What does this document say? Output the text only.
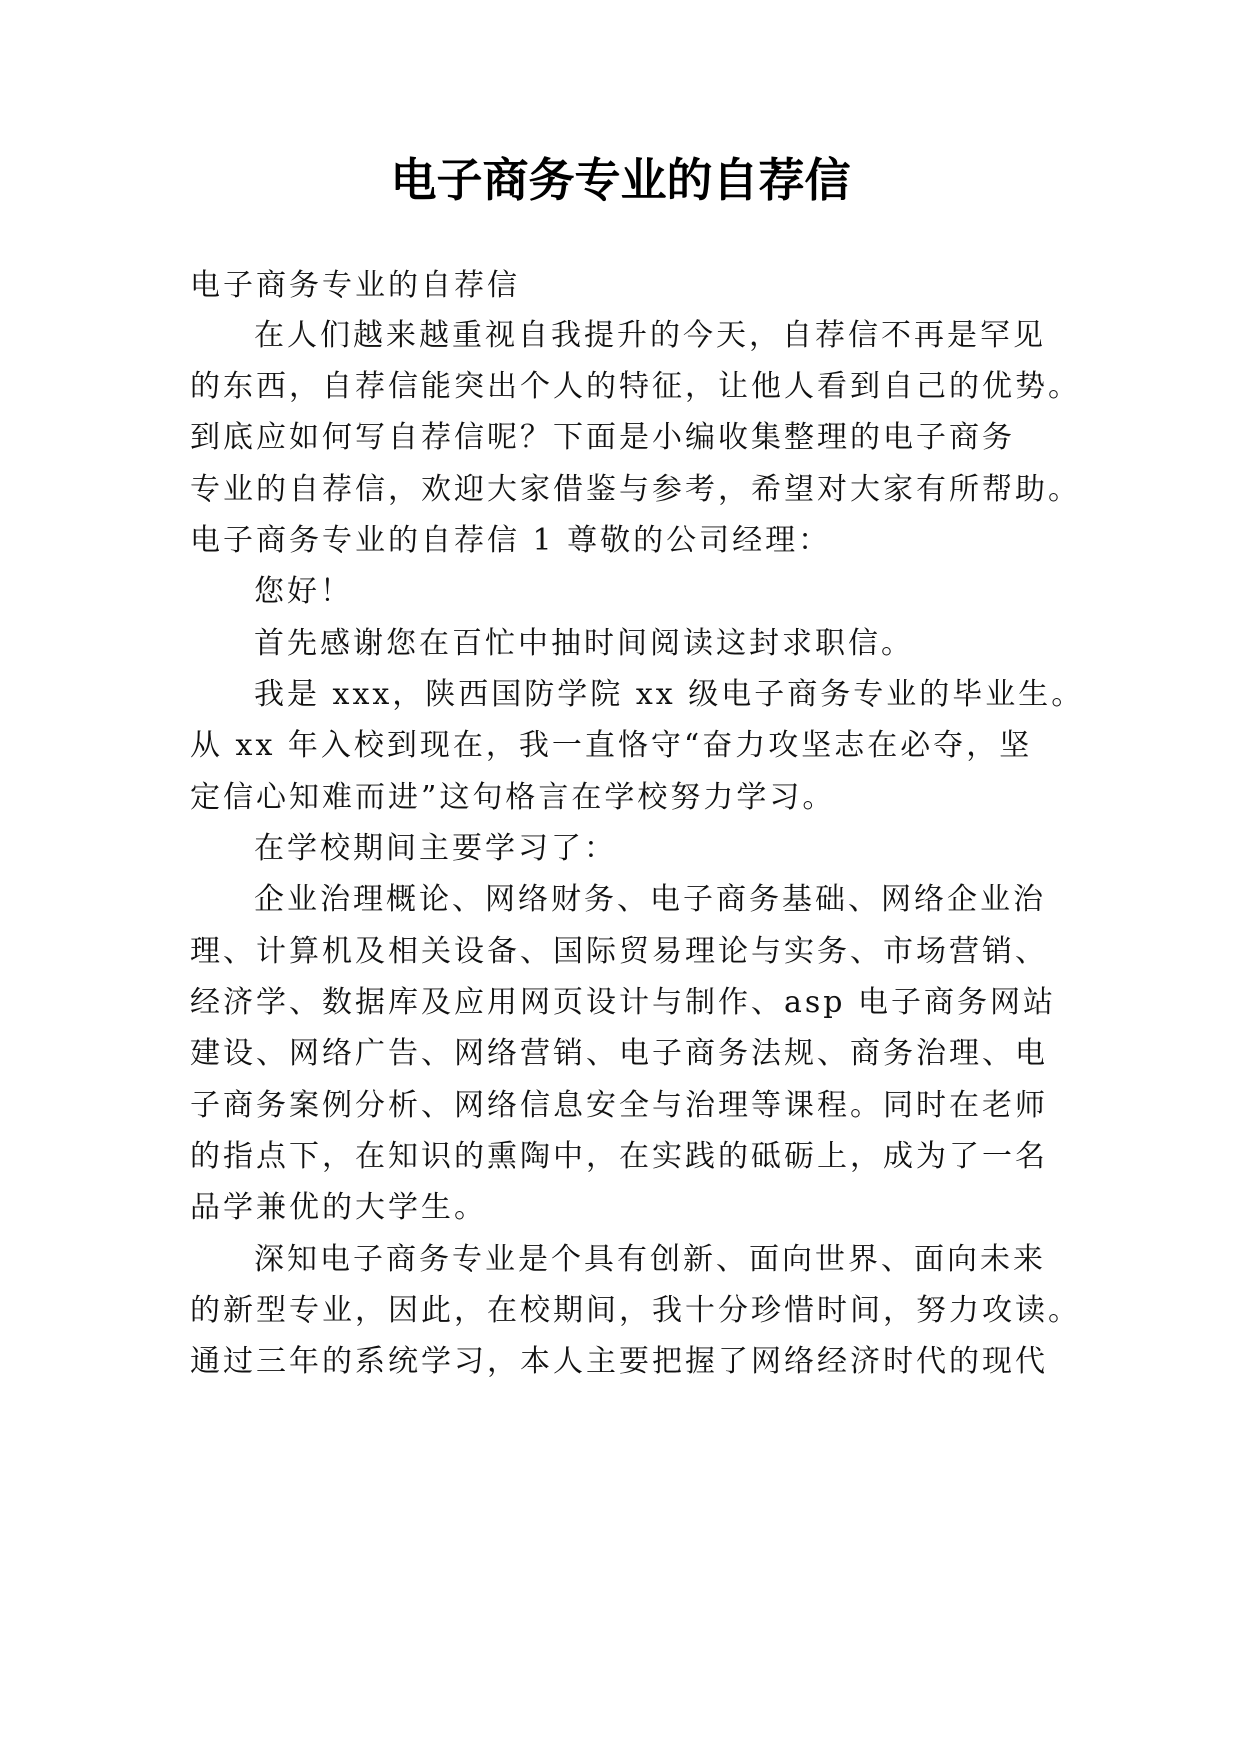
电子商务专业的自荐信
电子商务专业的自荐信
在人们越来越重视自我提升的今天，自荐信不再是罕见
的东西，自荐信能突出个人的特征，让他人看到自己的优势。
到底应如何写自荐信呢？下面是小编收集整理的电子商务
专业的自荐信，欢迎大家借鉴与参考，希望对大家有所帮助。
电子商务专业的自荐信 1 尊敬的公司经理：
您好！
首先感谢您在百忙中抽时间阅读这封求职信。
我是 xxx，陕西国防学院 xx 级电子商务专业的毕业生。
从 xx 年入校到现在，我一直恪守“奋力攻坚志在必夺，坚
定信心知难而进”这句格言在学校努力学习。
在学校期间主要学习了：
企业治理概论、网络财务、电子商务基础、网络企业治
理、计算机及相关设备、国际贸易理论与实务、市场营销、
经济学、数据库及应用网页设计与制作、asp 电子商务网站
建设、网络广告、网络营销、电子商务法规、商务治理、电
子商务案例分析、网络信息安全与治理等课程。同时在老师
的指点下，在知识的熏陶中，在实践的砥砺上，成为了一名
品学兼优的大学生。
深知电子商务专业是个具有创新、面向世界、面向未来
的新型专业，因此，在校期间，我十分珍惜时间，努力攻读。
通过三年的系统学习，本人主要把握了网络经济时代的现代
